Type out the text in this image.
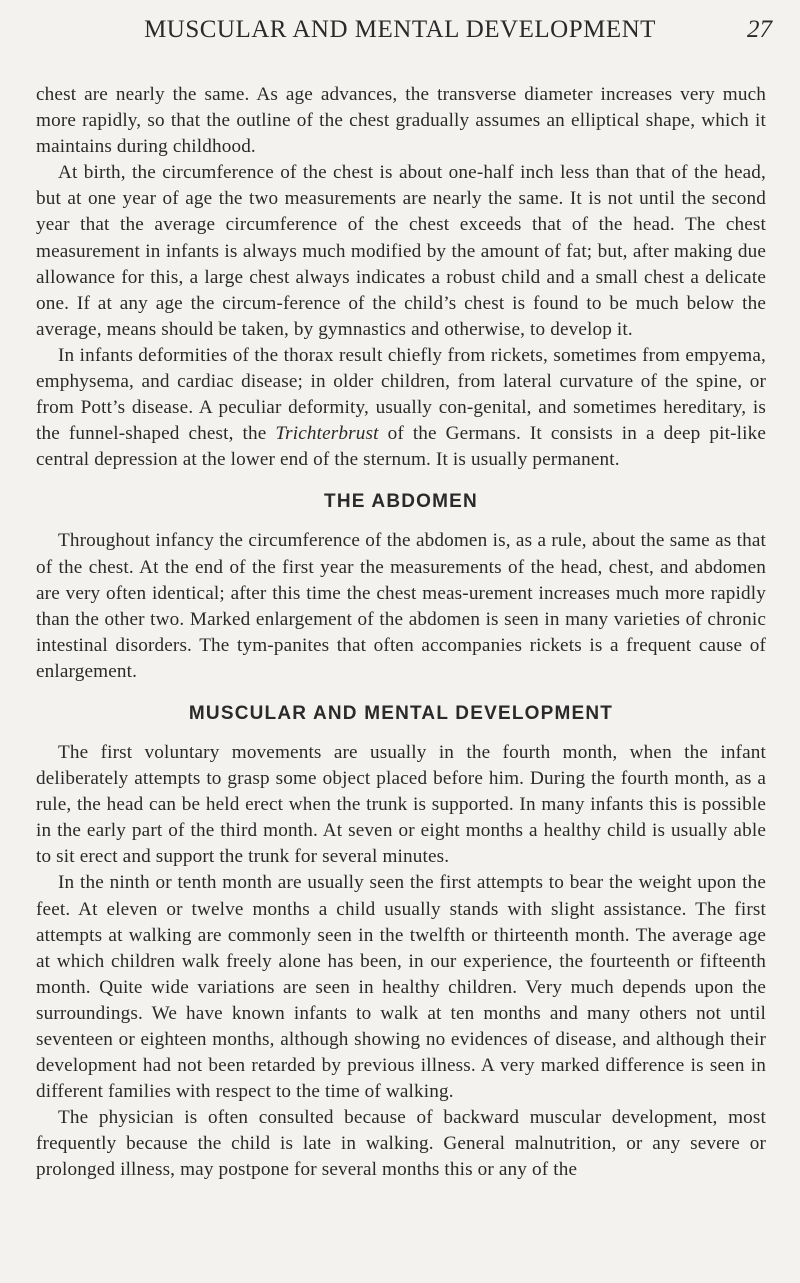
MUSCULAR AND MENTAL DEVELOPMENT	27

chest are nearly the same. As age advances, the transverse diameter increases very much more rapidly, so that the outline of the chest gradually assumes an elliptical shape, which it maintains during childhood.

At birth, the circumference of the chest is about one-half inch less than that of the head, but at one year of age the two measurements are nearly the same. It is not until the second year that the average circumference of the chest exceeds that of the head. The chest measurement in infants is always much modified by the amount of fat; but, after making due allowance for this, a large chest always indicates a robust child and a small chest a delicate one. If at any age the circum-ference of the child’s chest is found to be much below the average, means should be taken, by gymnastics and otherwise, to develop it.

In infants deformities of the thorax result chiefly from rickets, sometimes from empyema, emphysema, and cardiac disease; in older children, from lateral curvature of the spine, or from Pott’s disease. A peculiar deformity, usually con-genital, and sometimes hereditary, is the funnel-shaped chest, the Trichterbrust of the Germans. It consists in a deep pit-like central depression at the lower end of the sternum. It is usually permanent.

THE ABDOMEN

Throughout infancy the circumference of the abdomen is, as a rule, about the same as that of the chest. At the end of the first year the measurements of the head, chest, and abdomen are very often identical; after this time the chest meas-urement increases much more rapidly than the other two. Marked enlargement of the abdomen is seen in many varieties of chronic intestinal disorders. The tym-panites that often accompanies rickets is a frequent cause of enlargement.

MUSCULAR AND MENTAL DEVELOPMENT

The first voluntary movements are usually in the fourth month, when the infant deliberately attempts to grasp some object placed before him. During the fourth month, as a rule, the head can be held erect when the trunk is supported. In many infants this is possible in the early part of the third month. At seven or eight months a healthy child is usually able to sit erect and support the trunk for several minutes.

In the ninth or tenth month are usually seen the first attempts to bear the weight upon the feet. At eleven or twelve months a child usually stands with slight assistance. The first attempts at walking are commonly seen in the twelfth or thirteenth month. The average age at which children walk freely alone has been, in our experience, the fourteenth or fifteenth month. Quite wide variations are seen in healthy children. Very much depends upon the surroundings. We have known infants to walk at ten months and many others not until seventeen or eighteen months, although showing no evidences of disease, and although their development had not been retarded by previous illness. A very marked difference is seen in different families with respect to the time of walking.

The physician is often consulted because of backward muscular development, most frequently because the child is late in walking. General malnutrition, or any severe or prolonged illness, may postpone for several months this or any of the
